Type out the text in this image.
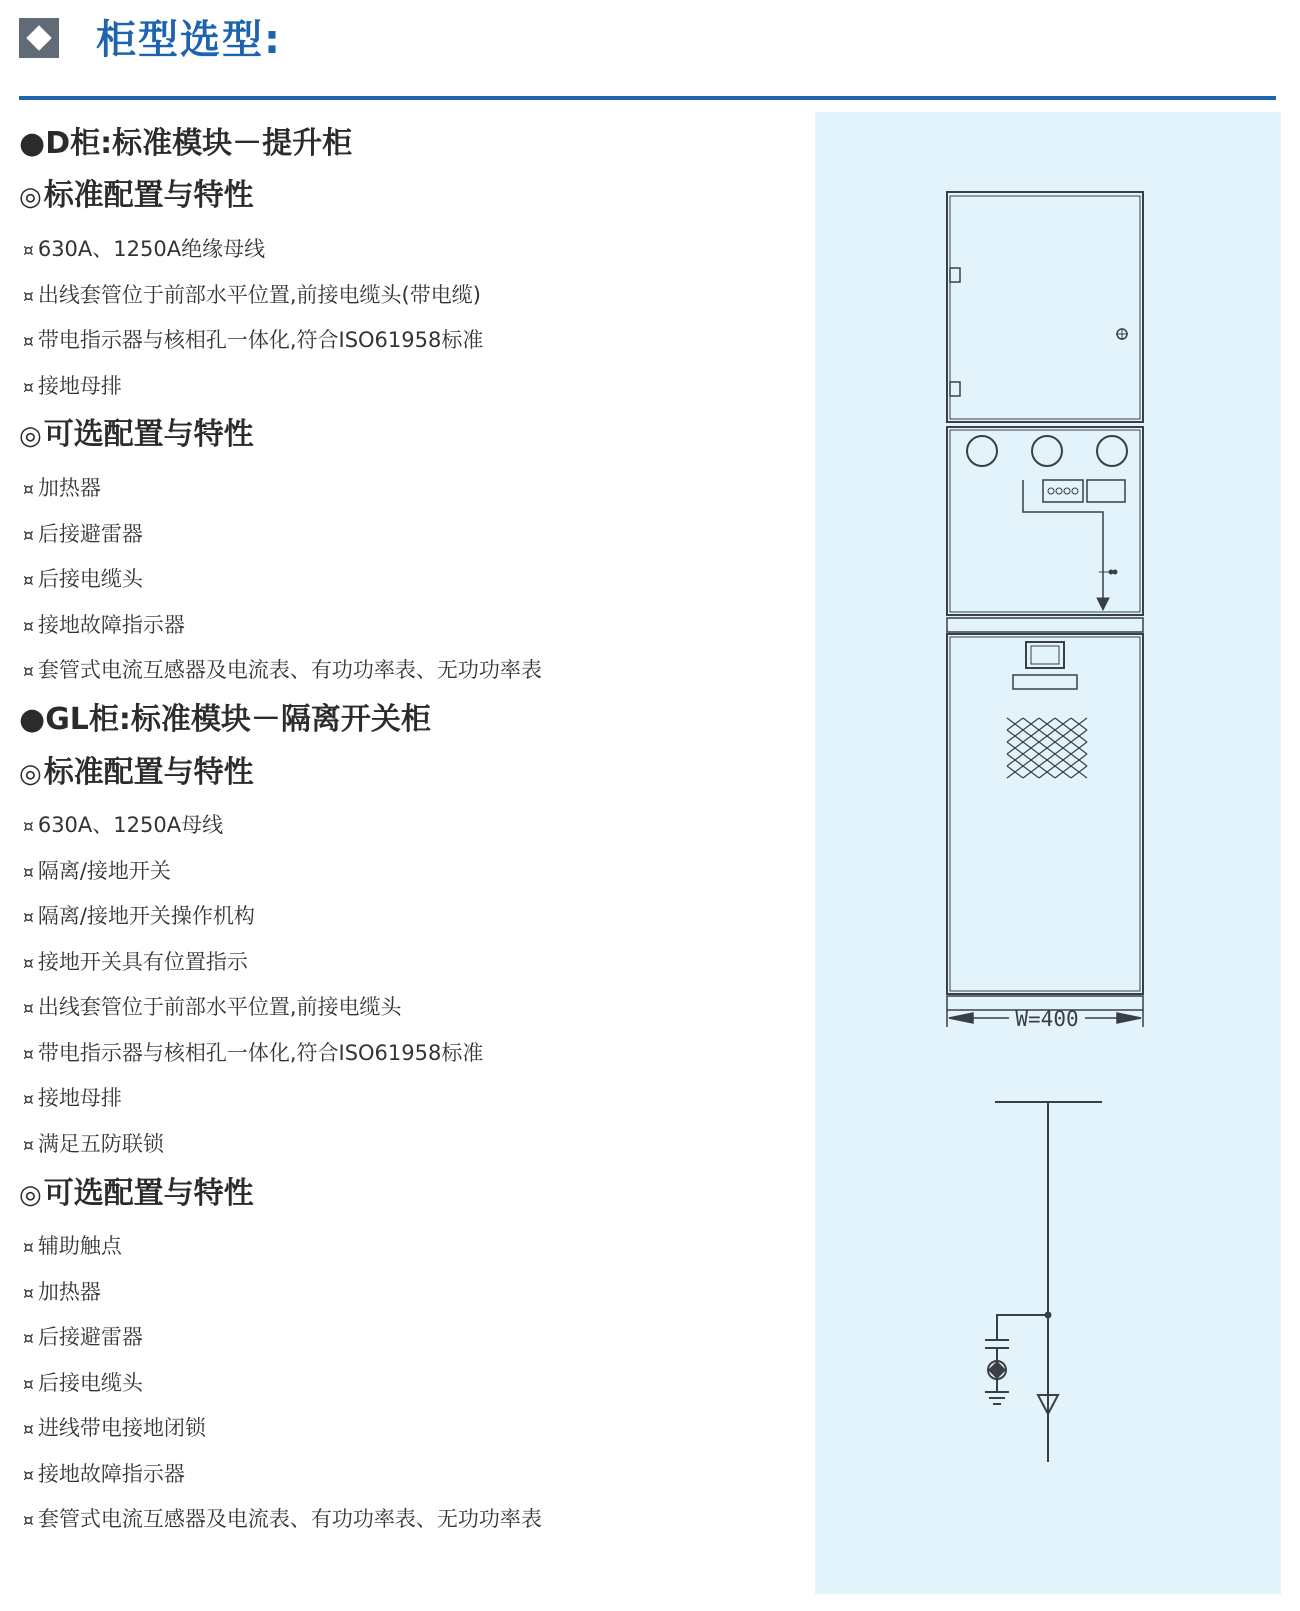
柜型选型:
●D柜:标准模块－提升柜
◎标准配置与特性
¤ 630A、1250A绝缘母线
¤ 出线套管位于前部水平位置,前接电缆头(带电缆)
¤ 带电指示器与核相孔一体化,符合ISO61958标准
¤ 接地母排
◎可选配置与特性
¤ 加热器
¤ 后接避雷器
¤ 后接电缆头
¤ 接地故障指示器
¤ 套管式电流互感器及电流表、有功功率表、无功功率表
●GL柜:标准模块－隔离开关柜
◎标准配置与特性
¤ 630A、1250A母线
¤ 隔离/接地开关
¤ 隔离/接地开关操作机构
¤ 接地开关具有位置指示
¤ 出线套管位于前部水平位置,前接电缆头
¤ 带电指示器与核相孔一体化,符合ISO61958标准
¤ 接地母排
¤ 满足五防联锁
◎可选配置与特性
¤ 辅助触点
¤ 加热器
¤ 后接避雷器
¤ 后接电缆头
¤ 进线带电接地闭锁
¤ 接地故障指示器
¤ 套管式电流互感器及电流表、有功功率表、无功功率表
W=400
